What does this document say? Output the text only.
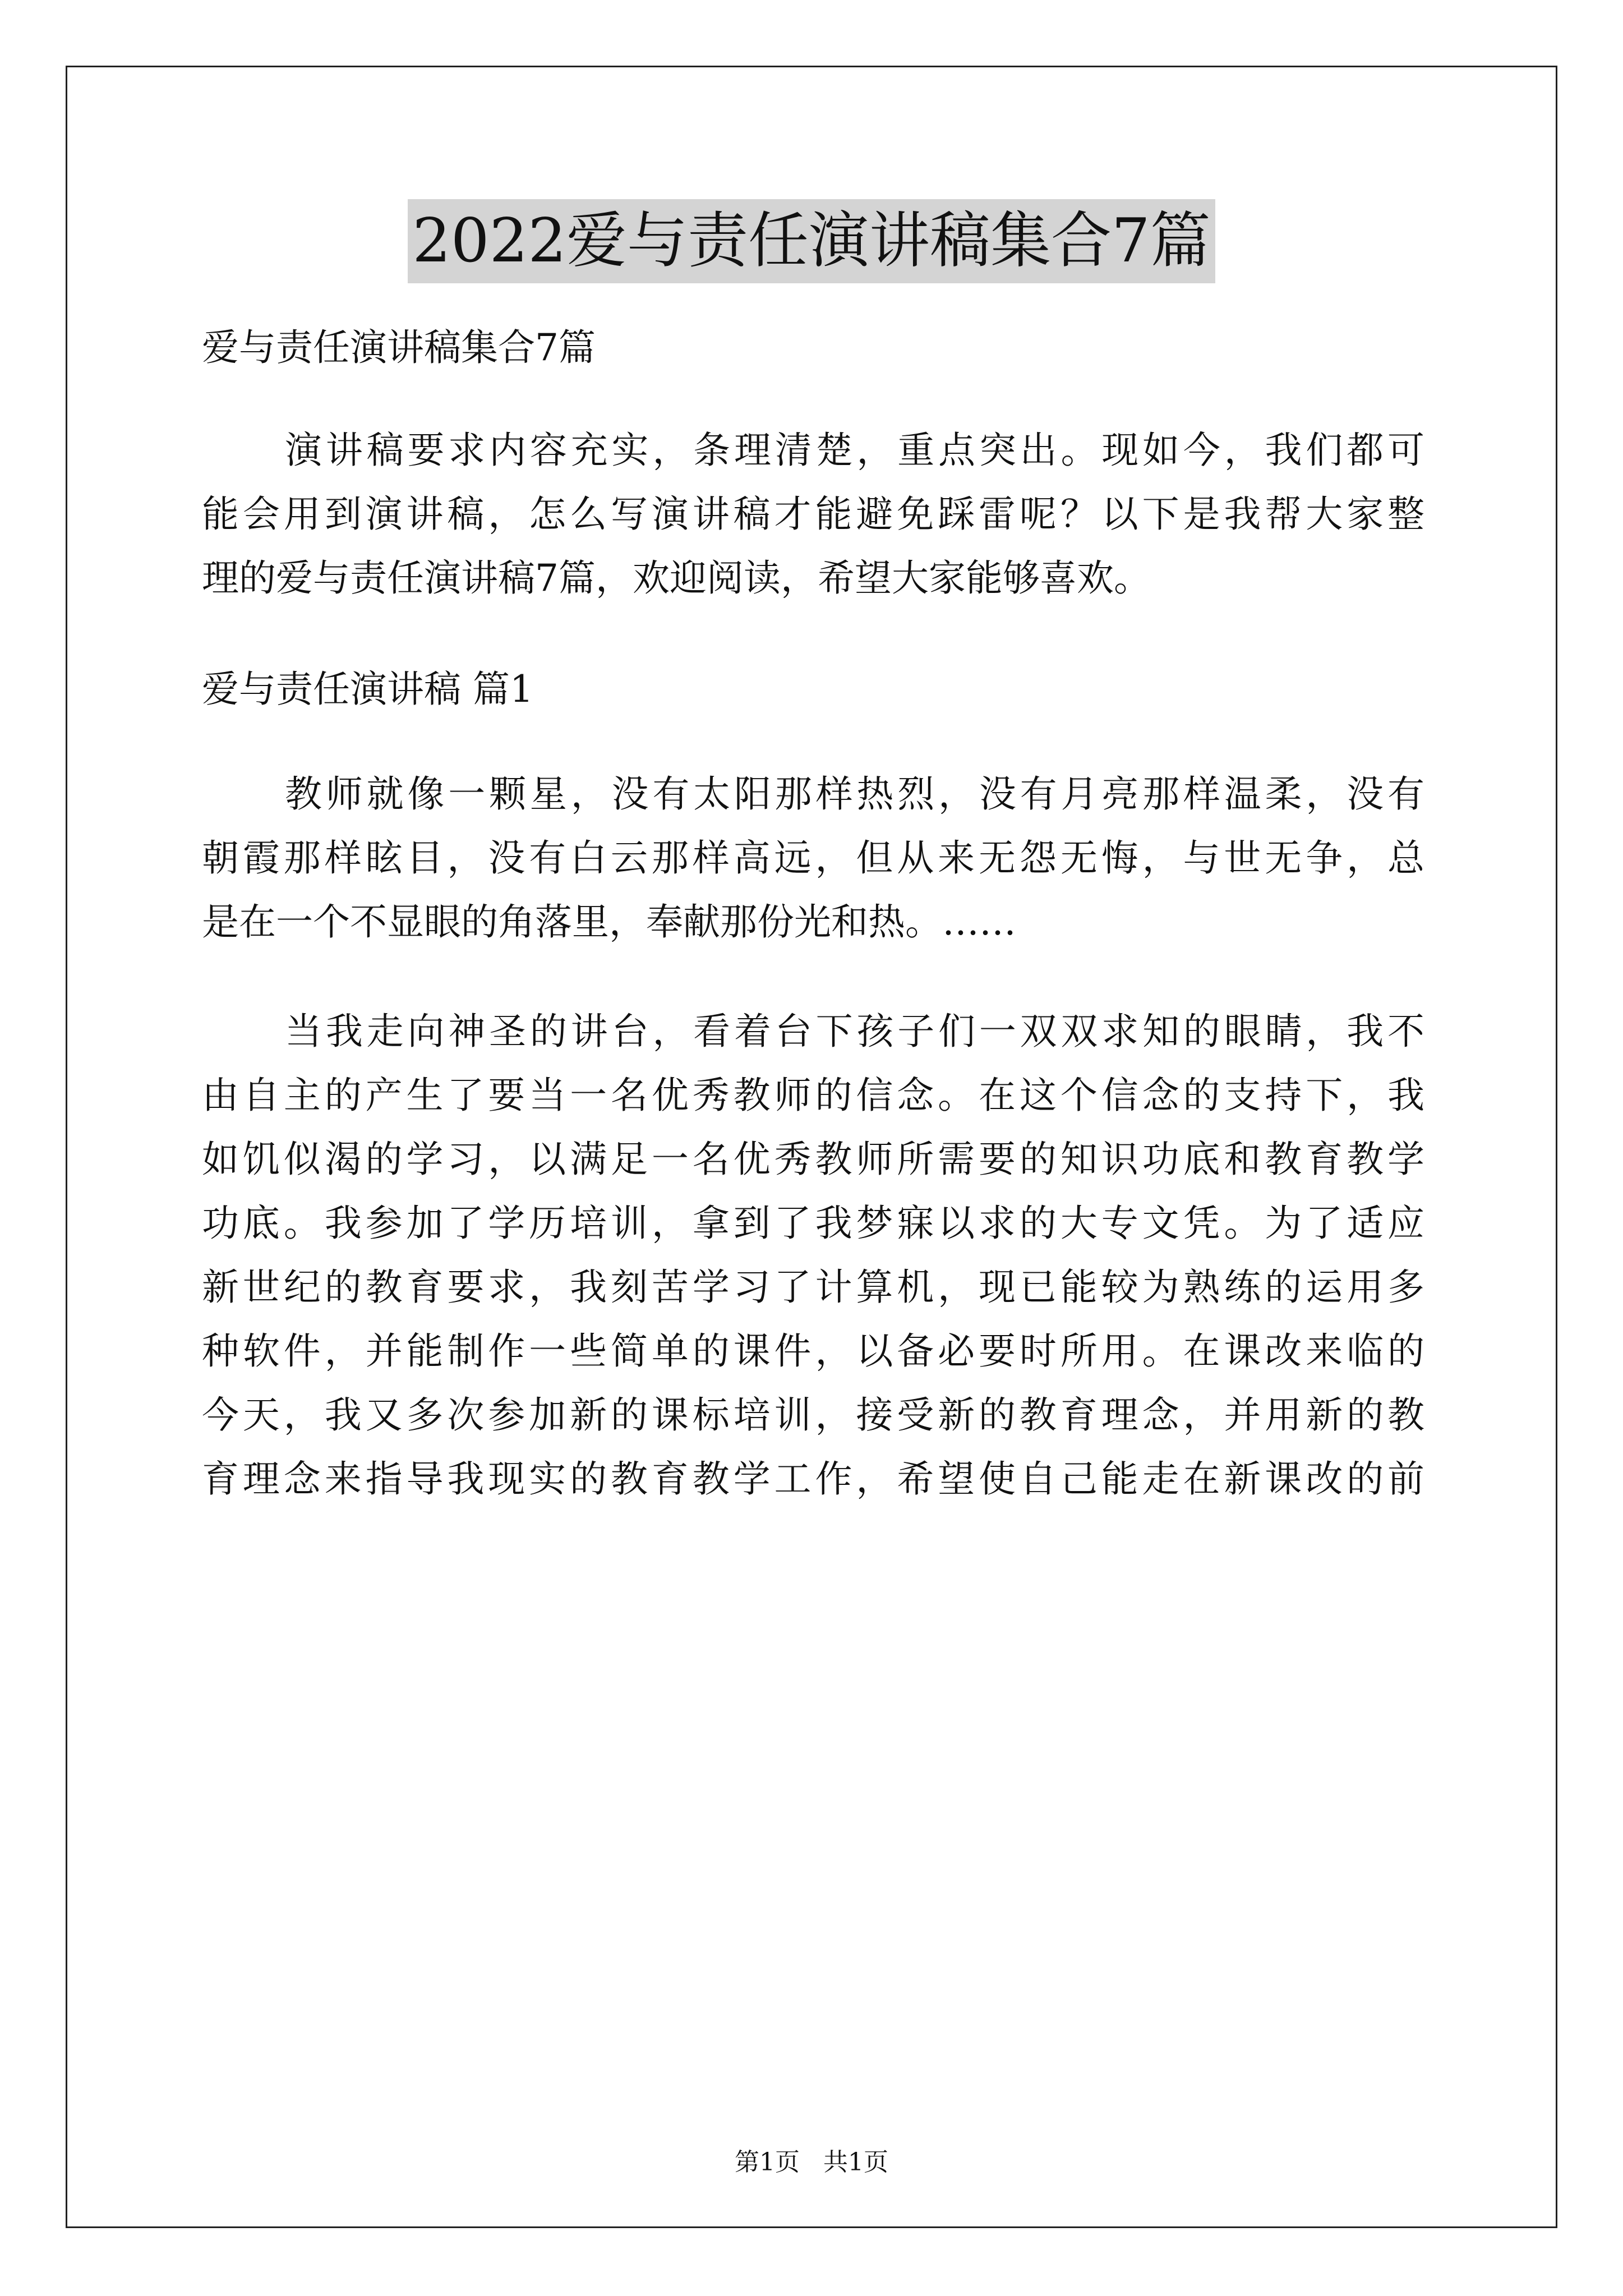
2022爱与责任演讲稿集合7篇
爱与责任演讲稿集合7篇
演讲稿要求内容充实，条理清楚，重点突出。现如今，我们都可
能会用到演讲稿，怎么写演讲稿才能避免踩雷呢？以下是我帮大家整
理的爱与责任演讲稿7篇，欢迎阅读，希望大家能够喜欢。
爱与责任演讲稿 篇1
教师就像一颗星，没有太阳那样热烈，没有月亮那样温柔，没有
朝霞那样眩目，没有白云那样高远，但从来无怨无悔，与世无争，总
是在一个不显眼的角落里，奉献那份光和热。……
当我走向神圣的讲台，看着台下孩子们一双双求知的眼睛，我不
由自主的产生了要当一名优秀教师的信念。在这个信念的支持下，我
如饥似渴的学习，以满足一名优秀教师所需要的知识功底和教育教学
功底。我参加了学历培训，拿到了我梦寐以求的大专文凭。为了适应
新世纪的教育要求，我刻苦学习了计算机，现已能较为熟练的运用多
种软件，并能制作一些简单的课件，以备必要时所用。在课改来临的
今天，我又多次参加新的课标培训，接受新的教育理念，并用新的教
育理念来指导我现实的教育教学工作，希望使自己能走在新课改的前
第1页   共1页
